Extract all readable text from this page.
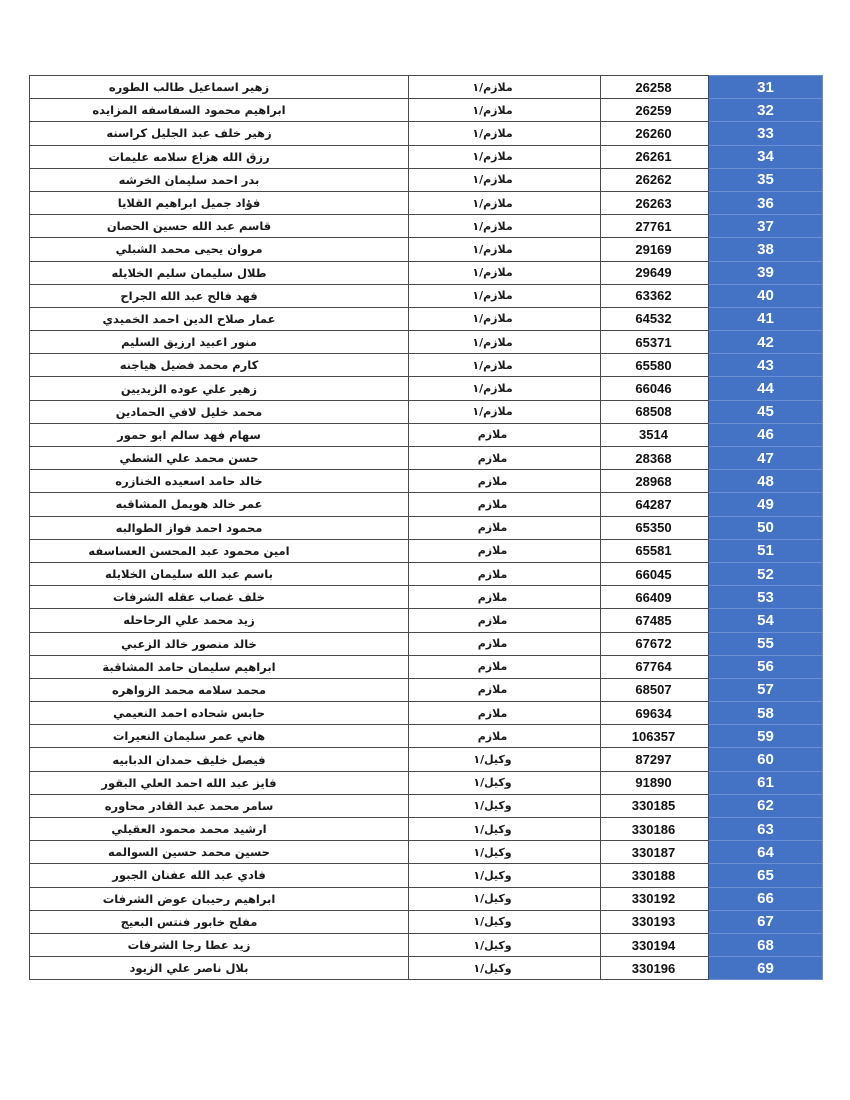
زهير اسماعيل طالب الطوره	ملازم/١	26258	31
ابراهيم محمود السفاسفه المزايده	ملازم/١	26259	32
زهير خلف عبد الجليل كراسنه	ملازم/١	26260	33
رزق الله هزاع سلامه عليمات	ملازم/١	26261	34
بدر احمد سليمان الخرشه	ملازم/١	26262	35
فؤاد جميل ابراهيم القلايا	ملازم/١	26263	36
قاسم عبد الله حسين الحصان	ملازم/١	27761	37
مروان يحيى محمد الشبلي	ملازم/١	29169	38
طلال سليمان سليم الخلايله	ملازم/١	29649	39
فهد فالح عبد الله الجراح	ملازم/١	63362	40
عمار صلاح الدين احمد الخميدي	ملازم/١	64532	41
منور اعبيد ارزيق السليم	ملازم/١	65371	42
كارم محمد فضيل هياجنه	ملازم/١	65580	43
زهير علي عوده الزيديين	ملازم/١	66046	44
محمد خليل لافي الحمادين	ملازم/١	68508	45
سهام فهد سالم ابو حمور	ملازم	3514	46
حسن محمد علي الشطي	ملازم	28368	47
خالد حامد اسعيده الخنازره	ملازم	28968	48
عمر خالد هويمل المشاقبه	ملازم	64287	49
محمود احمد فواز الطوالبه	ملازم	65350	50
امين محمود عبد المحسن العساسفه	ملازم	65581	51
باسم عبد الله سليمان الخلايله	ملازم	66045	52
خلف غصاب عقله الشرفات	ملازم	66409	53
زيد محمد علي الرحاحله	ملازم	67485	54
خالد منصور خالد الزعبي	ملازم	67672	55
ابراهيم سليمان حامد المشاقبة	ملازم	67764	56
محمد سلامه محمد الزواهره	ملازم	68507	57
حابس شحاده احمد النعيمي	ملازم	69634	58
هاني عمر سليمان النعيرات	ملازم	106357	59
فيصل خليف حمدان الدبابيه	وكيل/١	87297	60
فايز عبد الله احمد العلي البقور	وكيل/١	91890	61
سامر محمد عبد القادر محاوره	وكيل/١	330185	62
ارشيد محمد محمود العقيلي	وكيل/١	330186	63
حسين محمد حسين السوالمه	وكيل/١	330187	64
فادي عبد الله عفنان الجبور	وكيل/١	330188	65
ابراهيم رحيبان عوض الشرفات	وكيل/١	330192	66
مفلح خابور فنتس البعيج	وكيل/١	330193	67
زيد عطا رجا الشرفات	وكيل/١	330194	68
بلال ناصر علي الزيود	وكيل/١	330196	69
